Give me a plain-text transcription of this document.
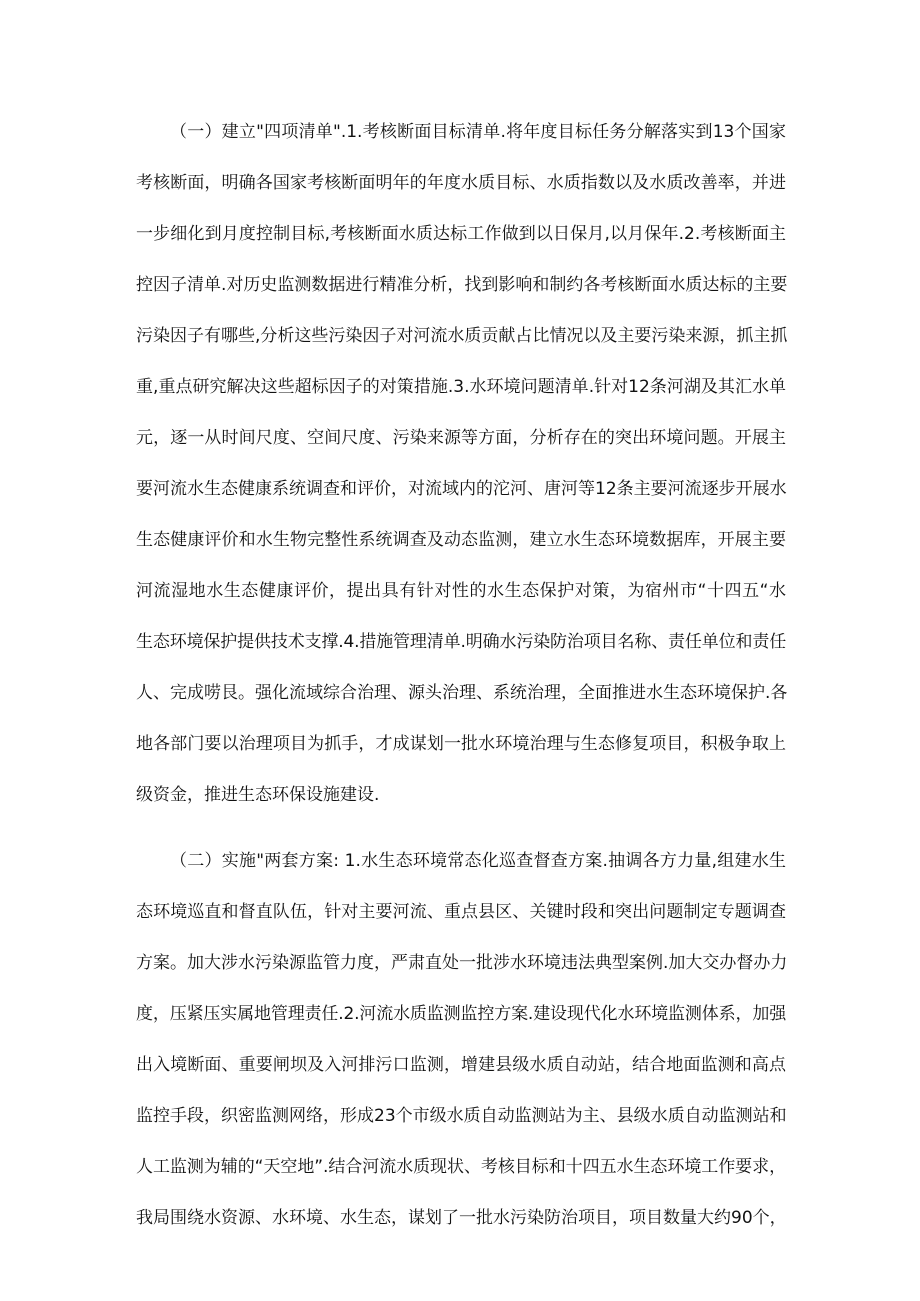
（一）建立"四项清单".1.考核断面目标清单.将年度目标任务分解落实到13个国家
考核断面，明确各国家考核断面明年的年度水质目标、水质指数以及水质改善率，并进
一步细化到月度控制目标,考核断面水质达标工作做到以日保月,以月保年.2.考核断面主
控因子清单.对历史监测数据进行精准分析，找到影响和制约各考核断面水质达标的主要
污染因子有哪些,分析这些污染因子对河流水质贡献占比情况以及主要污染来源，抓主抓
重,重点研究解决这些超标因子的对策措施.3.水环境问题清单.针对12条河湖及其汇水单
元，逐一从时间尺度、空间尺度、污染来源等方面，分析存在的突出环境问题。开展主
要河流水生态健康系统调查和评价，对流域内的沱河、唐河等12条主要河流逐步开展水
生态健康评价和水生物完整性系统调查及动态监测，建立水生态环境数据库，开展主要
河流湿地水生态健康评价，提出具有针对性的水生态保护对策，为宿州市“十四五“水
生态环境保护提供技术支撑.4.措施管理清单.明确水污染防治项目名称、责任单位和责任
人、完成唠艮。强化流域综合治理、源头治理、系统治理，全面推进水生态环境保护.各
地各部门要以治理项目为抓手，才成谋划一批水环境治理与生态修复项目，积极争取上
级资金，推进生态环保设施建设.
（二）实施"两套方案: 1.水生态环境常态化巡查督查方案.抽调各方力量,组建水生
态环境巡直和督直队伍，针对主要河流、重点县区、关键时段和突出问题制定专题调查
方案。加大涉水污染源监管力度，严肃直处一批涉水环境违法典型案例.加大交办督办力
度，压紧压实属地管理责任.2.河流水质监测监控方案.建设现代化水环境监测体系，加强
出入境断面、重要闸坝及入河排污口监测，增建县级水质自动站，结合地面监测和高点
监控手段，织密监测网络，形成23个市级水质自动监测站为主、县级水质自动监测站和
人工监测为辅的“天空地”.结合河流水质现状、考核目标和十四五水生态环境工作要求，
我局围绕水资源、水环境、水生态，谋划了一批水污染防治项目，项目数量大约90个，
